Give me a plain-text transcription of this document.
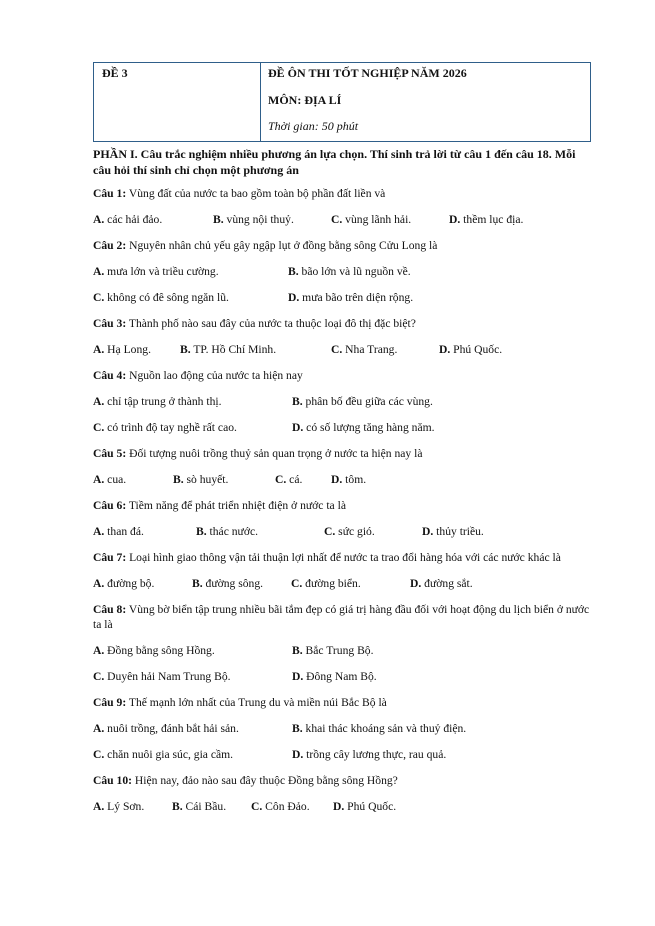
ĐỀ 3	ĐỀ ÔN THI TỐT NGHIỆP NĂM 2026
MÔN: ĐỊA LÍ
Thời gian: 50 phút
PHẦN I. Câu trắc nghiệm nhiều phương án lựa chọn. Thí sinh trả lời từ câu 1 đến câu 18. Mỗi câu hỏi thí sinh chỉ chọn một phương án
Câu 1: Vùng đất của nước ta bao gồm toàn bộ phần đất liền và
A. các hải đảo.	B. vùng nội thuỷ.	C. vùng lãnh hải.	D. thềm lục địa.
Câu 2: Nguyên nhân chủ yếu gây ngập lụt ở đồng bằng sông Cửu Long là
A. mưa lớn và triều cường.	B. bão lớn và lũ nguồn về.
C. không có đê sông ngăn lũ.	D. mưa bão trên diện rộng.
Câu 3: Thành phố nào sau đây của nước ta thuộc loại đô thị đặc biệt?
A. Hạ Long.	B. TP. Hồ Chí Minh.	C. Nha Trang.	D. Phú Quốc.
Câu 4: Nguồn lao động của nước ta hiện nay
A. chỉ tập trung ở thành thị.	B. phân bố đều giữa các vùng.
C. có trình độ tay nghề rất cao.	D. có số lượng tăng hàng năm.
Câu 5: Đối tượng nuôi trồng thuỷ sản quan trọng ở nước ta hiện nay là
A. cua.	B. sò huyết.	C. cá.	D. tôm.
Câu 6: Tiềm năng để phát triển nhiệt điện ở nước ta là
A. than đá.	B. thác nước.	C. sức gió.	D. thủy triều.
Câu 7: Loại hình giao thông vận tải thuận lợi nhất để nước ta trao đổi hàng hóa với các nước khác là
A. đường bộ.	B. đường sông.	C. đường biển.	D. đường sắt.
Câu 8: Vùng bờ biển tập trung nhiều bãi tắm đẹp có giá trị hàng đầu đối với hoạt động du lịch biển ở nước ta là
A. Đồng bằng sông Hồng.	B. Bắc Trung Bộ.
C. Duyên hải Nam Trung Bộ.	D. Đông Nam Bộ.
Câu 9: Thế mạnh lớn nhất của Trung du và miền núi Bắc Bộ là
A. nuôi trồng, đánh bắt hải sản.	B. khai thác khoáng sản và thuỷ điện.
C. chăn nuôi gia súc, gia cầm.	D. trồng cây lương thực, rau quả.
Câu 10: Hiện nay, đảo nào sau đây thuộc Đồng bằng sông Hồng?
A. Lý Sơn.	B. Cái Bầu.	C. Côn Đảo.	D. Phú Quốc.
